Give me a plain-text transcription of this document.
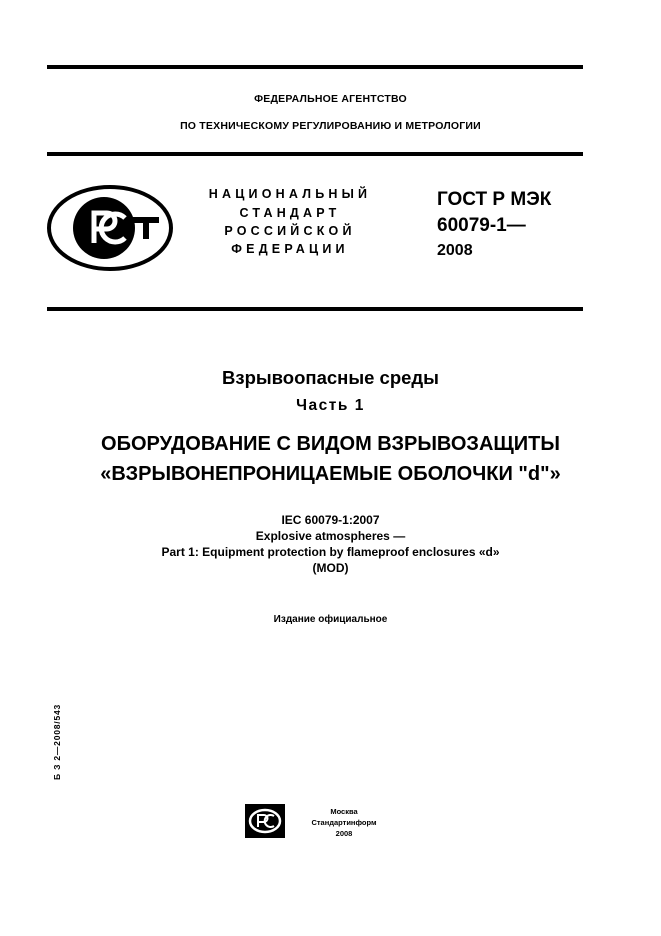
ФЕДЕРАЛЬНОЕ АГЕНТСТВО
ПО ТЕХНИЧЕСКОМУ РЕГУЛИРОВАНИЮ И МЕТРОЛОГИИ
НАЦИОНАЛЬНЫЙ
СТАНДАРТ
РОССИЙСКОЙ
ФЕДЕРАЦИИ
ГОСТ Р МЭК
60079-1—
2008
Взрывоопасные среды
Часть 1
ОБОРУДОВАНИЕ С ВИДОМ ВЗРЫВОЗАЩИТЫ
«ВЗРЫВОНЕПРОНИЦАЕМЫЕ ОБОЛОЧКИ "d"»
IEC 60079-1:2007
Explosive atmospheres —
Part 1: Equipment protection by flameproof enclosures «d»
(MOD)
Издание официальное
Б З 2—2008/543
Москва
Стандартинформ
2008
